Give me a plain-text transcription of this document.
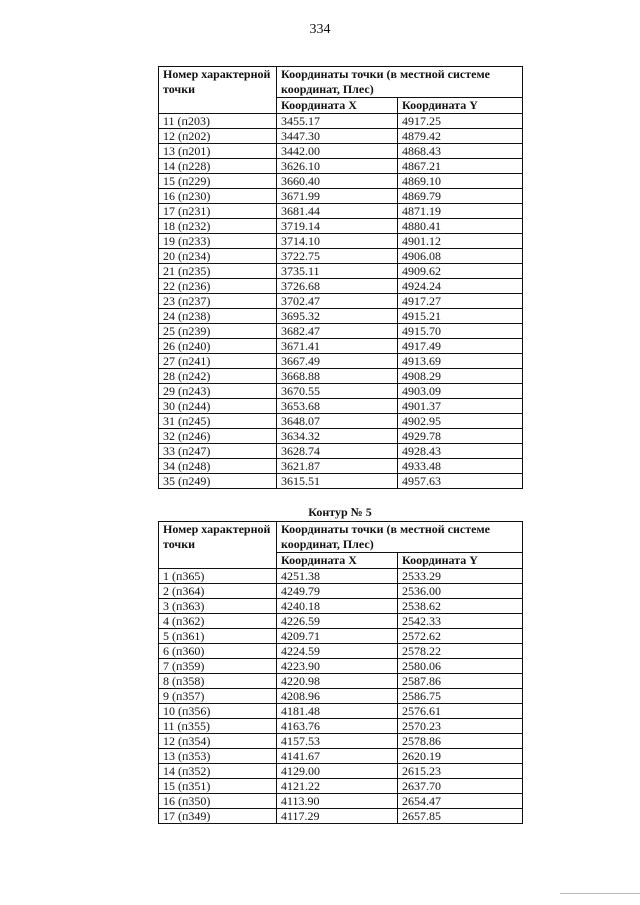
334
Номер характерной точки	Координаты точки (в местной системе координат, Плес)	
	Координата X	Координата Y
11 (п203)	3455.17	4917.25
12 (п202)	3447.30	4879.42
13 (п201)	3442.00	4868.43
14 (п228)	3626.10	4867.21
15 (п229)	3660.40	4869.10
16 (п230)	3671.99	4869.79
17 (п231)	3681.44	4871.19
18 (п232)	3719.14	4880.41
19 (п233)	3714.10	4901.12
20 (п234)	3722.75	4906.08
21 (п235)	3735.11	4909.62
22 (п236)	3726.68	4924.24
23 (п237)	3702.47	4917.27
24 (п238)	3695.32	4915.21
25 (п239)	3682.47	4915.70
26 (п240)	3671.41	4917.49
27 (п241)	3667.49	4913.69
28 (п242)	3668.88	4908.29
29 (п243)	3670.55	4903.09
30 (п244)	3653.68	4901.37
31 (п245)	3648.07	4902.95
32 (п246)	3634.32	4929.78
33 (п247)	3628.74	4928.43
34 (п248)	3621.87	4933.48
35 (п249)	3615.51	4957.63
Контур № 5
Номер характерной точки	Координаты точки (в местной системе координат, Плес)	
	Координата X	Координата Y
1 (п365)	4251.38	2533.29
2 (п364)	4249.79	2536.00
3 (п363)	4240.18	2538.62
4 (п362)	4226.59	2542.33
5 (п361)	4209.71	2572.62
6 (п360)	4224.59	2578.22
7 (п359)	4223.90	2580.06
8 (п358)	4220.98	2587.86
9 (п357)	4208.96	2586.75
10 (п356)	4181.48	2576.61
11 (п355)	4163.76	2570.23
12 (п354)	4157.53	2578.86
13 (п353)	4141.67	2620.19
14 (п352)	4129.00	2615.23
15 (п351)	4121.22	2637.70
16 (п350)	4113.90	2654.47
17 (п349)	4117.29	2657.85
